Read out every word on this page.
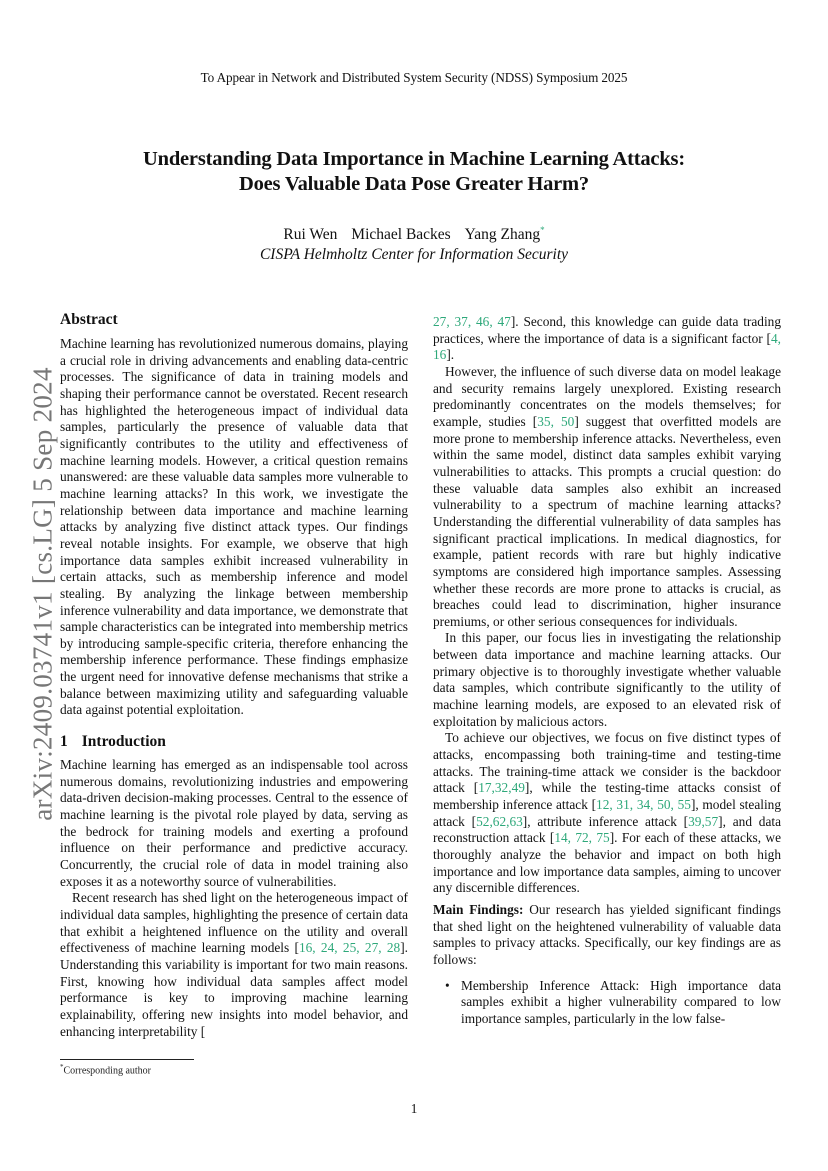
To Appear in Network and Distributed System Security (NDSS) Symposium 2025
Understanding Data Importance in Machine Learning Attacks:
Does Valuable Data Pose Greater Harm?
Rui Wen Michael Backes Yang Zhang*
CISPA Helmholtz Center for Information Security
arXiv:2409.03741v1 [cs.LG] 5 Sep 2024
Abstract

Machine learning has revolutionized numerous domains, playing a crucial role in driving advancements and enabling data-centric processes. The significance of data in training models and shaping their performance cannot be overstated. Recent research has highlighted the heterogeneous impact of individual data samples, particularly the presence of valuable data that significantly contributes to the utility and effectiveness of machine learning models. However, a critical question remains unanswered: are these valuable data samples more vulnerable to machine learning attacks? In this work, we investigate the relationship between data importance and machine learning attacks by analyzing five distinct attack types. Our findings reveal notable insights. For example, we observe that high importance data samples exhibit increased vulnerability in certain attacks, such as membership inference and model stealing. By analyzing the linkage between membership inference vulnerability and data importance, we demonstrate that sample characteristics can be integrated into membership metrics by introducing sample-specific criteria, therefore enhancing the membership inference performance. These findings emphasize the urgent need for innovative defense mechanisms that strike a balance between maximizing utility and safeguarding valuable data against potential exploitation.

1 Introduction

Machine learning has emerged as an indispensable tool across numerous domains, revolutionizing industries and empowering data-driven decision-making processes. Central to the essence of machine learning is the pivotal role played by data, serving as the bedrock for training models and exerting a profound influence on their performance and predictive accuracy. Concurrently, the crucial role of data in model training also exposes it as a noteworthy source of vulnerabilities.

Recent research has shed light on the heterogeneous impact of individual data samples, highlighting the presence of certain data that exhibit a heightened influence on the utility and overall effectiveness of machine learning models [16, 24, 25, 27, 28]. Understanding this variability is important for two main reasons. First, knowing how individual data samples affect model performance is key to improving machine learning explainability, offering new insights into model behavior, and enhancing interpretability [

27, 37, 46, 47]. Second, this knowledge can guide data trading practices, where the importance of data is a significant factor [4, 16].

However, the influence of such diverse data on model leakage and security remains largely unexplored. Existing research predominantly concentrates on the models themselves; for example, studies [35, 50] suggest that overfitted models are more prone to membership inference attacks. Nevertheless, even within the same model, distinct data samples exhibit varying vulnerabilities to attacks. This prompts a crucial question: do these valuable data samples also exhibit an increased vulnerability to a spectrum of machine learning attacks? Understanding the differential vulnerability of data samples has significant practical implications. In medical diagnostics, for example, patient records with rare but highly indicative symptoms are considered high importance samples. Assessing whether these records are more prone to attacks is crucial, as breaches could lead to discrimination, higher insurance premiums, or other serious consequences for individuals.

In this paper, our focus lies in investigating the relationship between data importance and machine learning attacks. Our primary objective is to thoroughly investigate whether valuable data samples, which contribute significantly to the utility of machine learning models, are exposed to an elevated risk of exploitation by malicious actors.

To achieve our objectives, we focus on five distinct types of attacks, encompassing both training-time and testing-time attacks. The training-time attack we consider is the backdoor attack [17,32,49], while the testing-time attacks consist of membership inference attack [12, 31, 34, 50, 55], model stealing attack [52,62,63], attribute inference attack [39,57], and data reconstruction attack [14, 72, 75]. For each of these attacks, we thoroughly analyze the behavior and impact on both high importance and low importance data samples, aiming to uncover any discernible differences.

Main Findings: Our research has yielded significant findings that shed light on the heightened vulnerability of valuable data samples to privacy attacks. Specifically, our key findings are as follows:

• Membership Inference Attack: High importance data samples exhibit a higher vulnerability compared to low importance samples, particularly in the low false-
*Corresponding author
1
